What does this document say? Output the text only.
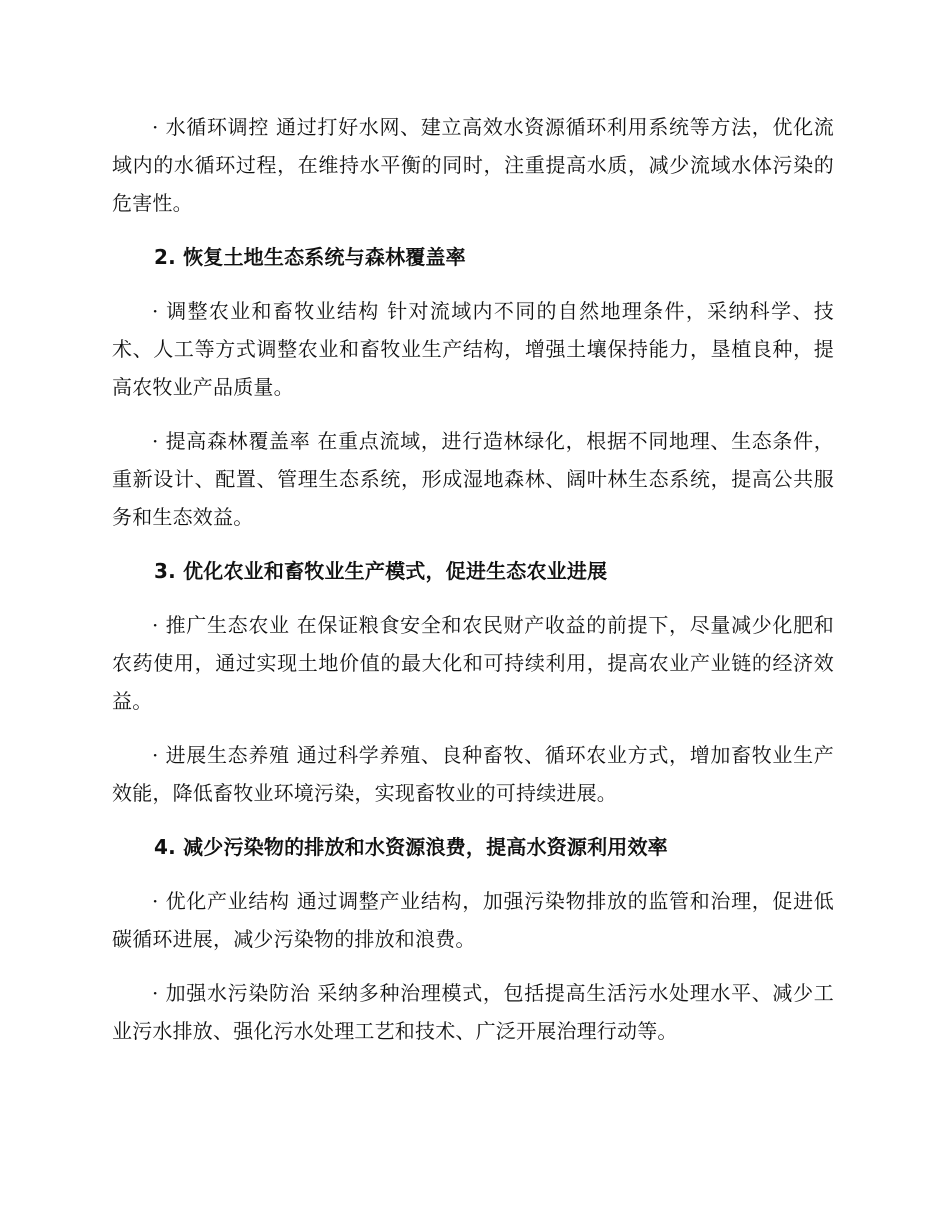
· 水循环调控 通过打好水网、建立高效水资源循环利用系统等方法，优化流域内的水循环过程，在维持水平衡的同时，注重提高水质，减少流域水体污染的危害性。

2. 恢复土地生态系统与森林覆盖率

· 调整农业和畜牧业结构 针对流域内不同的自然地理条件，采纳科学、技术、人工等方式调整农业和畜牧业生产结构，增强土壤保持能力，垦植良种，提高农牧业产品质量。

· 提高森林覆盖率 在重点流域，进行造林绿化，根据不同地理、生态条件，重新设计、配置、管理生态系统，形成湿地森林、阔叶林生态系统，提高公共服务和生态效益。

3. 优化农业和畜牧业生产模式，促进生态农业进展

· 推广生态农业 在保证粮食安全和农民财产收益的前提下，尽量减少化肥和农药使用，通过实现土地价值的最大化和可持续利用，提高农业产业链的经济效益。

· 进展生态养殖 通过科学养殖、良种畜牧、循环农业方式，增加畜牧业生产效能，降低畜牧业环境污染，实现畜牧业的可持续进展。

4. 减少污染物的排放和水资源浪费，提高水资源利用效率

· 优化产业结构 通过调整产业结构，加强污染物排放的监管和治理，促进低碳循环进展，减少污染物的排放和浪费。

· 加强水污染防治 采纳多种治理模式，包括提高生活污水处理水平、减少工业污水排放、强化污水处理工艺和技术、广泛开展治理行动等。
